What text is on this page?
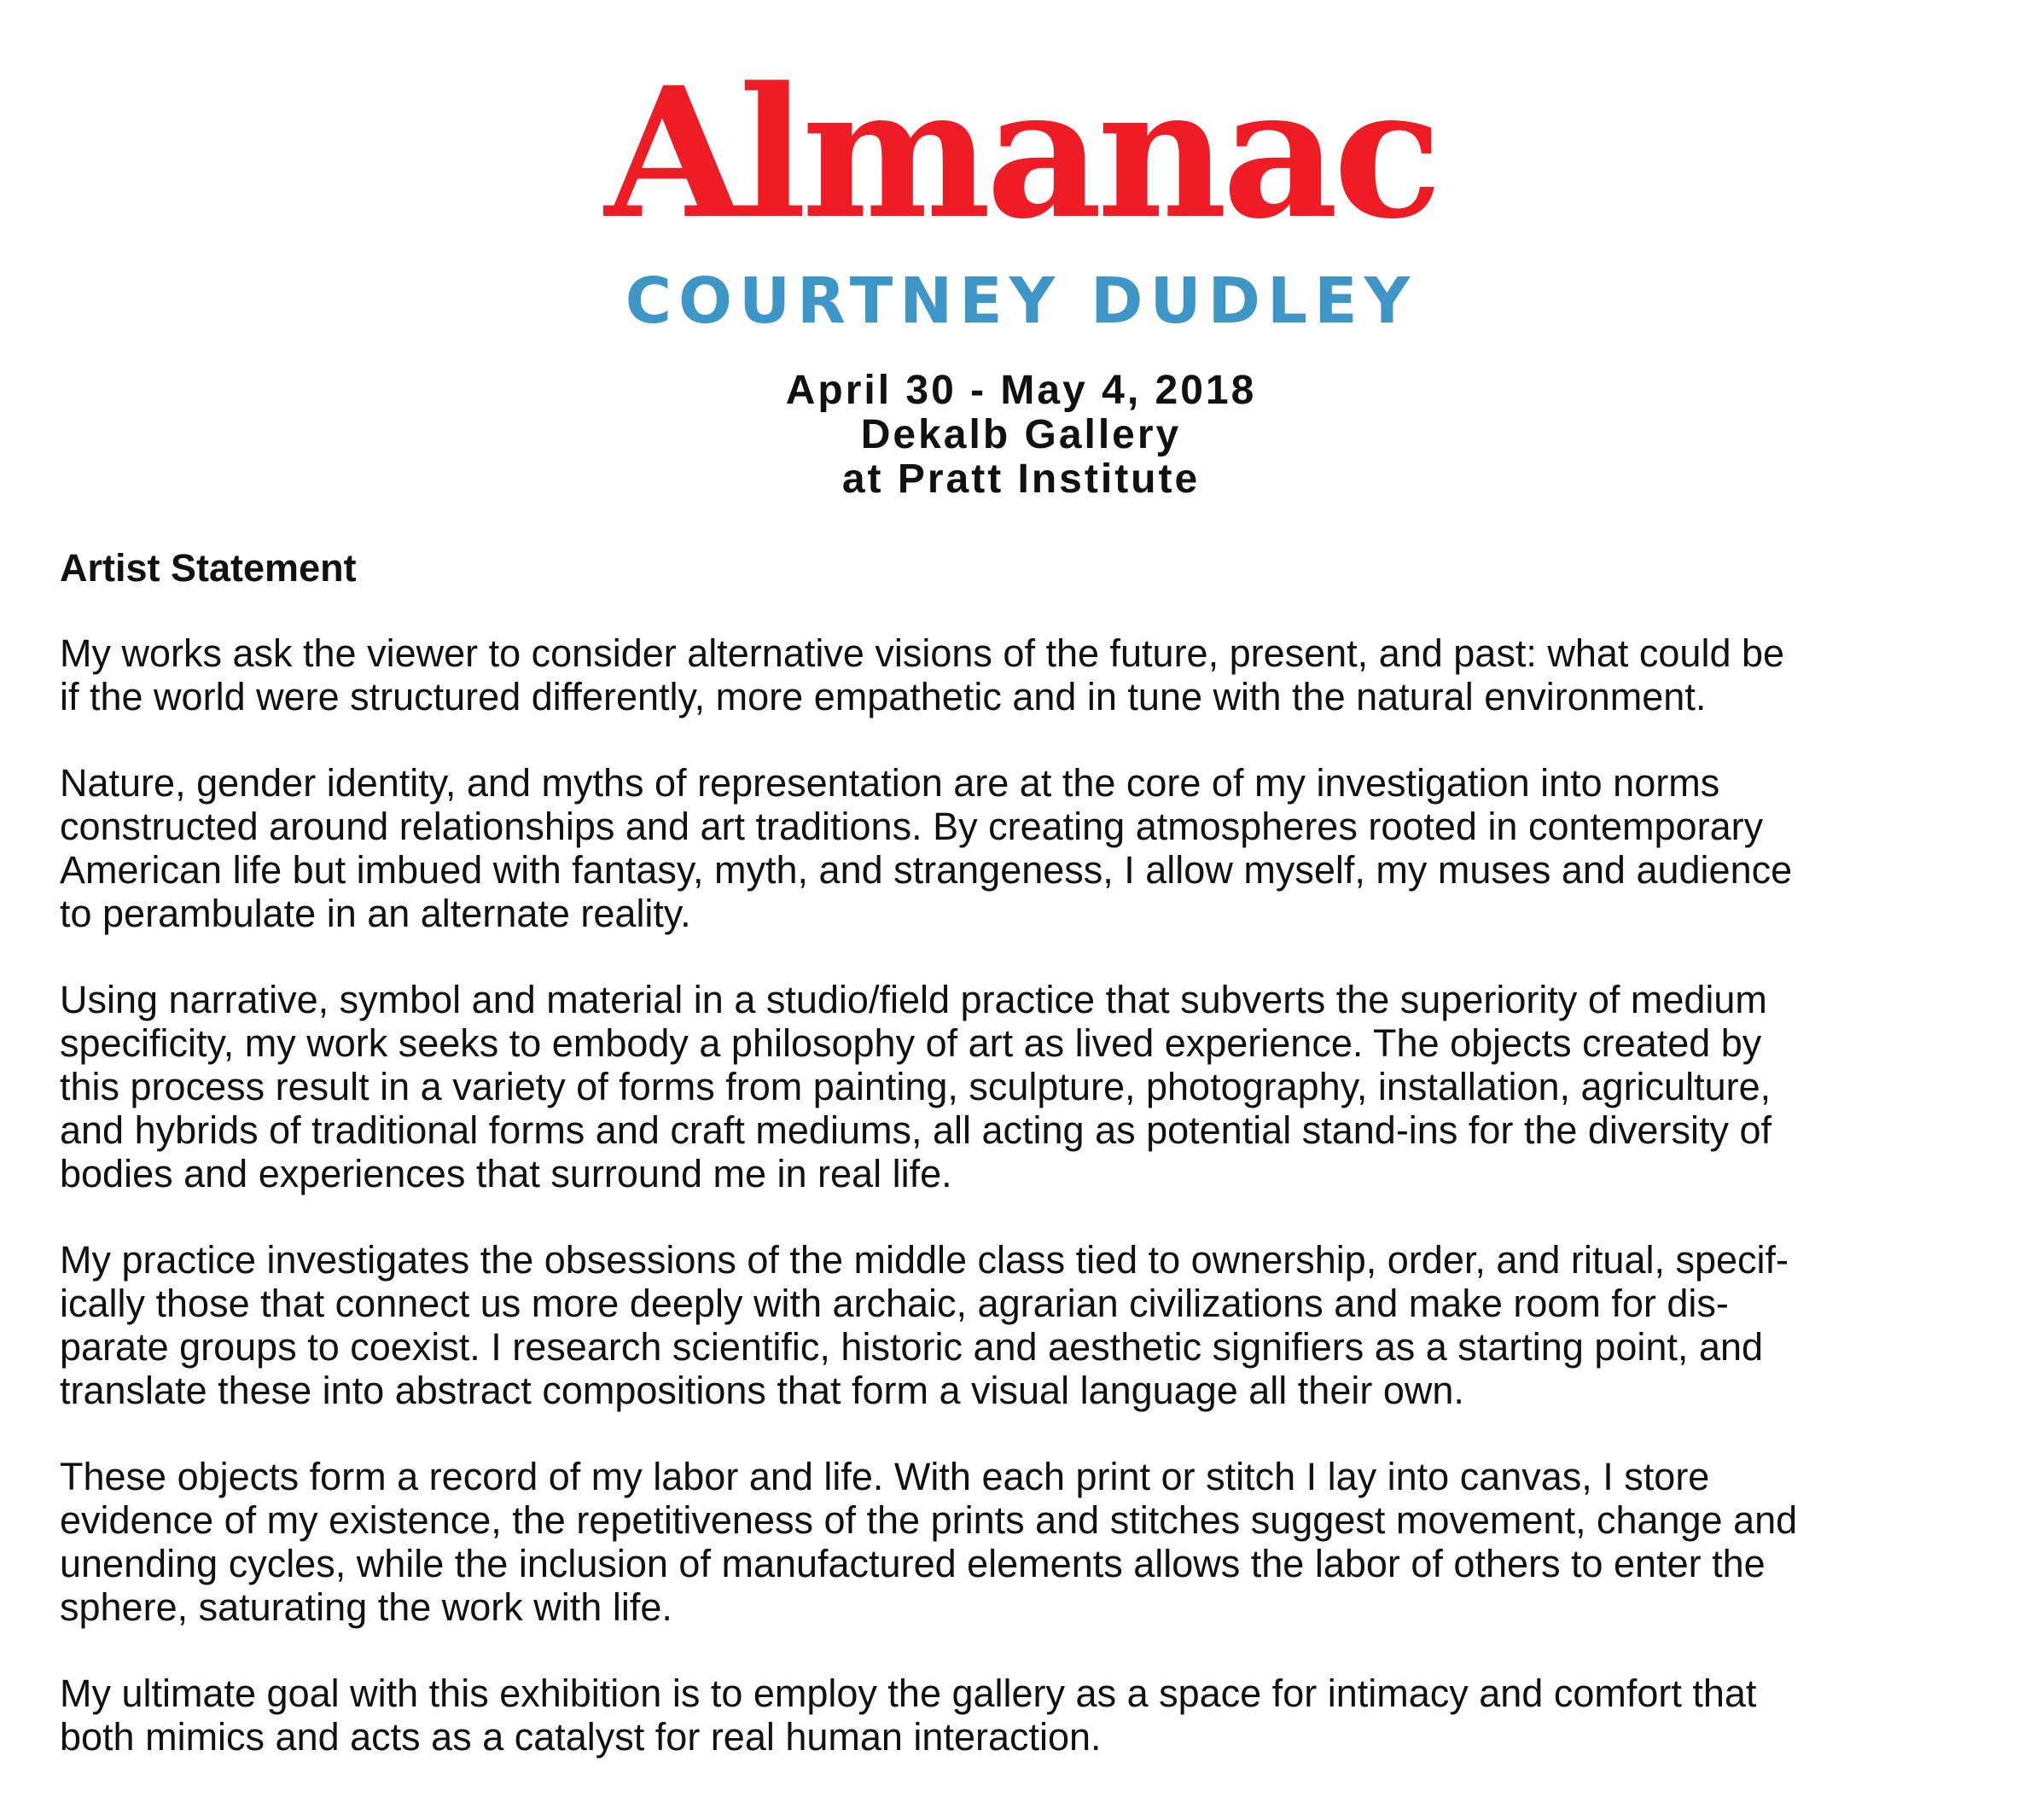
Almanac
COURTNEY DUDLEY
April 30 - May 4, 2018
Dekalb Gallery
at Pratt Institute
Artist Statement

My works ask the viewer to consider alternative visions of the future, present, and past: what could be
if the world were structured differently, more empathetic and in tune with the natural environment.

Nature, gender identity, and myths of representation are at the core of my investigation into norms
constructed around relationships and art traditions. By creating atmospheres rooted in contemporary
American life but imbued with fantasy, myth, and strangeness, I allow myself, my muses and audience
to perambulate in an alternate reality.

Using narrative, symbol and material in a studio/field practice that subverts the superiority of medium
specificity, my work seeks to embody a philosophy of art as lived experience. The objects created by
this process result in a variety of forms from painting, sculpture, photography, installation, agriculture,
and hybrids of traditional forms and craft mediums, all acting as potential stand-ins for the diversity of
bodies and experiences that surround me in real life.

My practice investigates the obsessions of the middle class tied to ownership, order, and ritual, specif-
ically those that connect us more deeply with archaic, agrarian civilizations and make room for dis-
parate groups to coexist. I research scientific, historic and aesthetic signifiers as a starting point, and
translate these into abstract compositions that form a visual language all their own.

These objects form a record of my labor and life. With each print or stitch I lay into canvas, I store
evidence of my existence, the repetitiveness of the prints and stitches suggest movement, change and
unending cycles, while the inclusion of manufactured elements allows the labor of others to enter the
sphere, saturating the work with life.

My ultimate goal with this exhibition is to employ the gallery as a space for intimacy and comfort that
both mimics and acts as a catalyst for real human interaction.
